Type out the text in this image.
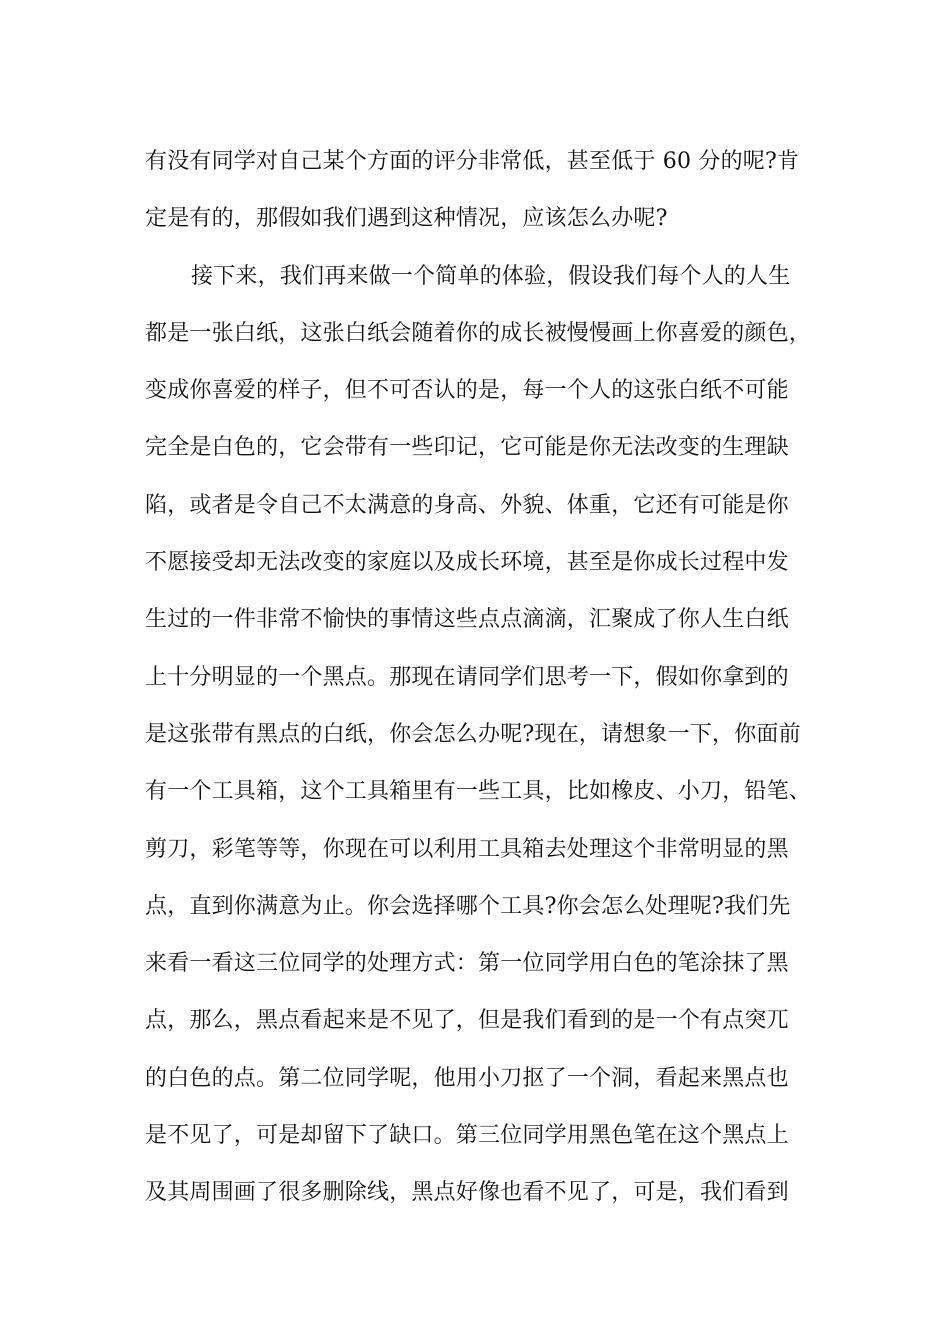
有没有同学对自己某个方面的评分非常低，甚至低于 60 分的呢?肯
定是有的，那假如我们遇到这种情况，应该怎么办呢?
接下来，我们再来做一个简单的体验，假设我们每个人的人生
都是一张白纸，这张白纸会随着你的成长被慢慢画上你喜爱的颜色，
变成你喜爱的样子，但不可否认的是，每一个人的这张白纸不可能
完全是白色的，它会带有一些印记，它可能是你无法改变的生理缺
陷，或者是令自己不太满意的身高、外貌、体重，它还有可能是你
不愿接受却无法改变的家庭以及成长环境，甚至是你成长过程中发
生过的一件非常不愉快的事情这些点点滴滴，汇聚成了你人生白纸
上十分明显的一个黑点。那现在请同学们思考一下，假如你拿到的
是这张带有黑点的白纸，你会怎么办呢?现在，请想象一下，你面前
有一个工具箱，这个工具箱里有一些工具，比如橡皮、小刀，铅笔、
剪刀，彩笔等等，你现在可以利用工具箱去处理这个非常明显的黑
点，直到你满意为止。你会选择哪个工具?你会怎么处理呢?我们先
来看一看这三位同学的处理方式：第一位同学用白色的笔涂抹了黑
点，那么，黑点看起来是不见了，但是我们看到的是一个有点突兀
的白色的点。第二位同学呢，他用小刀抠了一个洞，看起来黑点也
是不见了，可是却留下了缺口。第三位同学用黑色笔在这个黑点上
及其周围画了很多删除线，黑点好像也看不见了，可是，我们看到
